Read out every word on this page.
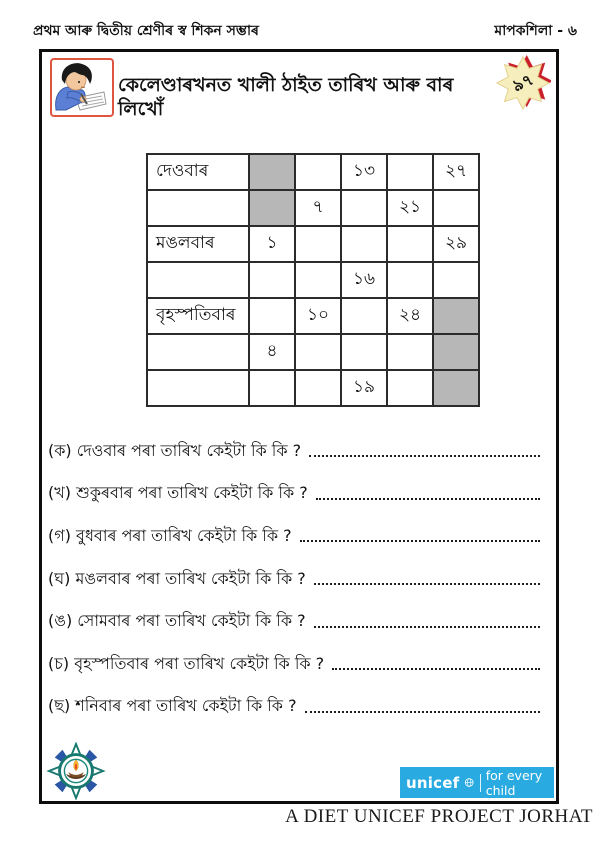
প্ৰথম আৰু দ্বিতীয় শ্ৰেণীৰ স্ব শিকন সম্ভাৰ	মাপকশিলা - ৬
কেলেণ্ডাৰখনত খালী ঠাইত তাৰিখ আৰু বাৰ লিখোঁ
৯৭
দেওবাৰ			১৩		২৭
		৭		২১	
মঙলবাৰ	১				২৯
			১৬		
বৃহস্পতিবাৰ		১০		২৪	
	৪				
			১৯		
(ক) দেওবাৰ পৰা তাৰিখ কেইটা কি কি ?
(খ) শুকুৰবাৰ পৰা তাৰিখ কেইটা কি কি ?
(গ) বুধবাৰ পৰা তাৰিখ কেইটা কি কি ?
(ঘ) মঙলবাৰ পৰা তাৰিখ কেইটা কি কি ?
(ঙ) সোমবাৰ পৰা তাৰিখ কেইটা কি কি ?
(চ) বৃহস্পতিবাৰ পৰা তাৰিখ কেইটা কি কি ?
(ছ) শনিবাৰ পৰা তাৰিখ কেইটা কি কি ?
unicef for every child
A DIET UNICEF PROJECT JORHAT
